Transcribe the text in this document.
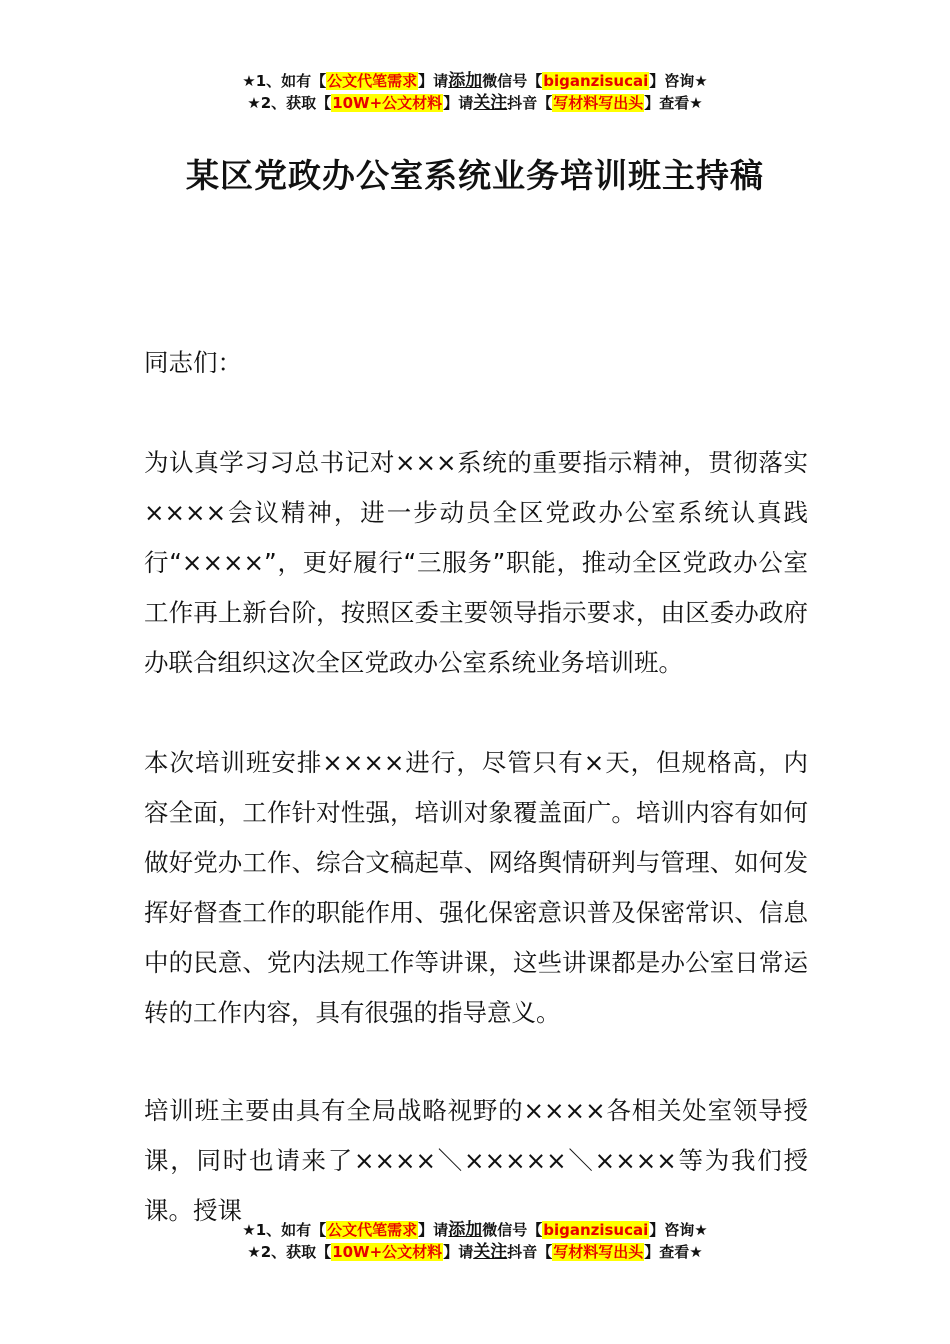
★1、如有【公文代笔需求】请添加微信号【biganzisucai】咨询★
★2、获取【10W+公文材料】请关注抖音【写材料写出头】查看★
某区党政办公室系统业务培训班主持稿
同志们：
为认真学习习总书记对×××系统的重要指示精神，贯彻落实××××会议精神，进一步动员全区党政办公室系统认真践行“××××”，更好履行“三服务”职能，推动全区党政办公室工作再上新台阶，按照区委主要领导指示要求，由区委办政府办联合组织这次全区党政办公室系统业务培训班。
本次培训班安排××××进行，尽管只有×天，但规格高，内容全面，工作针对性强，培训对象覆盖面广。培训内容有如何做好党办工作、综合文稿起草、网络舆情研判与管理、如何发挥好督查工作的职能作用、强化保密意识普及保密常识、信息中的民意、党内法规工作等讲课，这些讲课都是办公室日常运转的工作内容，具有很强的指导意义。
培训班主要由具有全局战略视野的××××各相关处室领导授课，同时也请来了××××＼×××××＼××××等为我们授课。授课
★1、如有【公文代笔需求】请添加微信号【biganzisucai】咨询★
★2、获取【10W+公文材料】请关注抖音【写材料写出头】查看★
